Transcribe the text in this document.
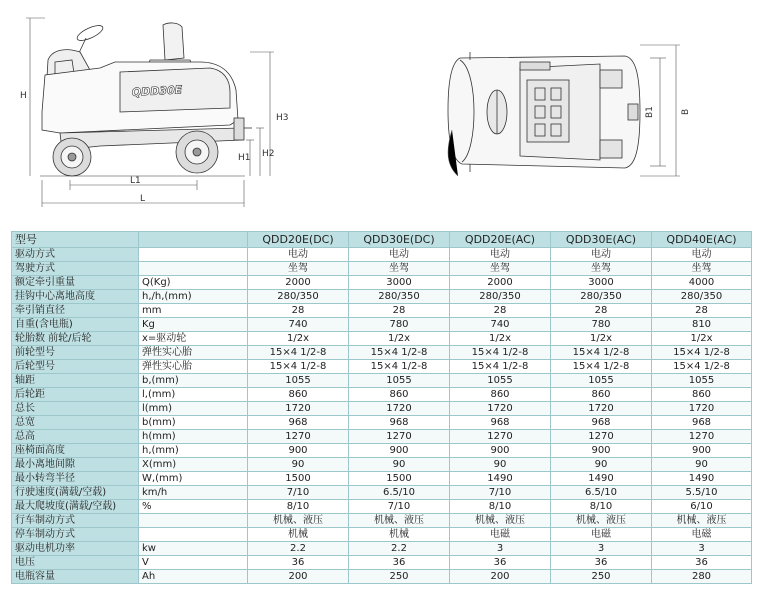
QDD30E
H
H3
H2
H1
L1
L
B1	B
型号		QDD20E(DC)	QDD30E(DC)	QDD20E(AC)	QDD30E(AC)	QDD40E(AC)
驱动方式		电动	电动	电动	电动	电动
驾驶方式		坐驾	坐驾	坐驾	坐驾	坐驾
额定牵引重量	Q(Kg)	2000	3000	2000	3000	4000
挂钩中心离地高度	h,/h,(mm)	280/350	280/350	280/350	280/350	280/350
牵引销直径	mm	28	28	28	28	28
自重(含电瓶)	Kg	740	780	740	780	810
轮胎数 前轮/后轮	x=驱动轮	1/2x	1/2x	1/2x	1/2x	1/2x
前轮型号	弹性实心胎	15×4 1/2-8	15×4 1/2-8	15×4 1/2-8	15×4 1/2-8	15×4 1/2-8
后轮型号	弹性实心胎	15×4 1/2-8	15×4 1/2-8	15×4 1/2-8	15×4 1/2-8	15×4 1/2-8
轴距	b,(mm)	1055	1055	1055	1055	1055
后轮距	l,(mm)	860	860	860	860	860
总长	l(mm)	1720	1720	1720	1720	1720
总宽	b(mm)	968	968	968	968	968
总高	h(mm)	1270	1270	1270	1270	1270
座椅面高度	h,(mm)	900	900	900	900	900
最小离地间隙	X(mm)	90	90	90	90	90
最小转弯半径	W,(mm)	1500	1500	1490	1490	1490
行驶速度(满载/空载)	km/h	7/10	6.5/10	7/10	6.5/10	5.5/10
最大爬坡度(满载/空载)	%	8/10	7/10	8/10	8/10	6/10
行车制动方式		机械、液压	机械、液压	机械、液压	机械、液压	机械、液压
停车制动方式		机械	机械	电磁	电磁	电磁
驱动电机功率	kw	2.2	2.2	3	3	3
电压	V	36	36	36	36	36
电瓶容量	Ah	200	250	200	250	280
